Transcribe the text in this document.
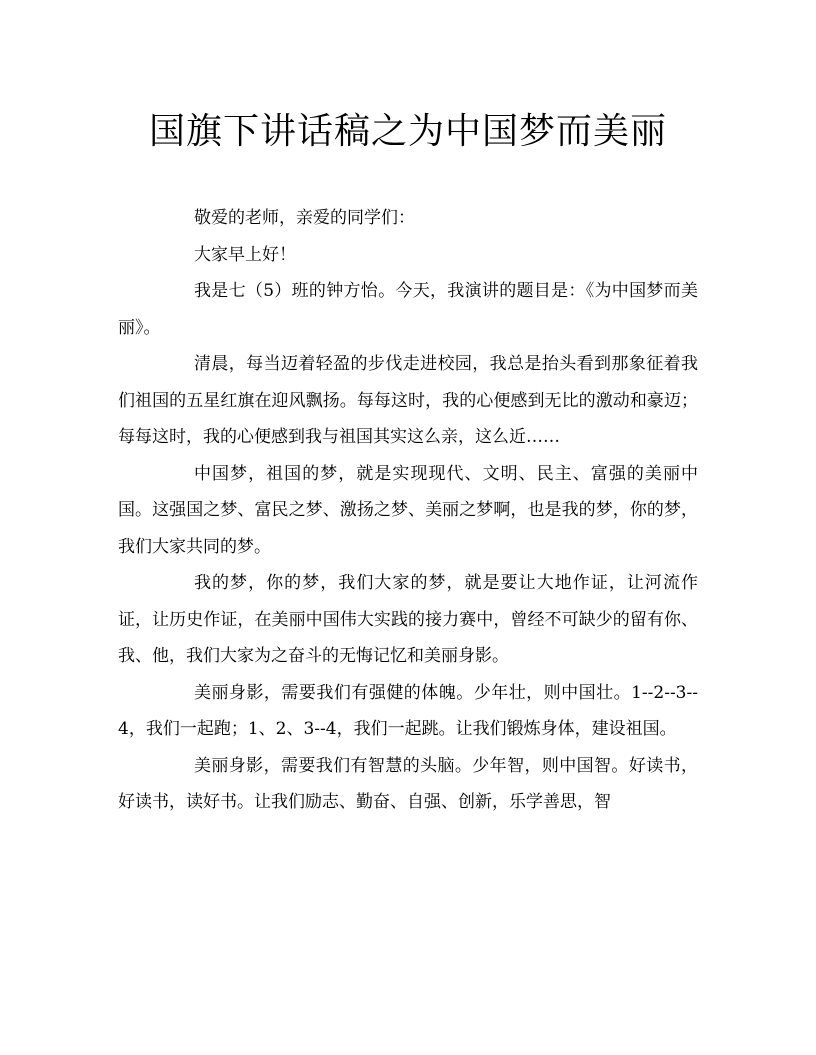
国旗下讲话稿之为中国梦而美丽

敬爱的老师，亲爱的同学们：

大家早上好！

我是七（5）班的钟方怡。今天，我演讲的题目是：《为中国梦而美丽》。

清晨，每当迈着轻盈的步伐走进校园，我总是抬头看到那象征着我们祖国的五星红旗在迎风飘扬。每每这时，我的心便感到无比的激动和豪迈；每每这时，我的心便感到我与祖国其实这么亲，这么近……

中国梦，祖国的梦，就是实现现代、文明、民主、富强的美丽中国。这强国之梦、富民之梦、激扬之梦、美丽之梦啊，也是我的梦，你的梦，我们大家共同的梦。

我的梦，你的梦，我们大家的梦，就是要让大地作证，让河流作证，让历史作证，在美丽中国伟大实践的接力赛中，曾经不可缺少的留有你、我、他，我们大家为之奋斗的无悔记忆和美丽身影。

美丽身影，需要我们有强健的体魄。少年壮，则中国壮。1--2--3--4，我们一起跑；1、2、3--4，我们一起跳。让我们锻炼身体，建设祖国。

美丽身影，需要我们有智慧的头脑。少年智，则中国智。好读书，好读书，读好书。让我们励志、勤奋、自强、创新，乐学善思，智
